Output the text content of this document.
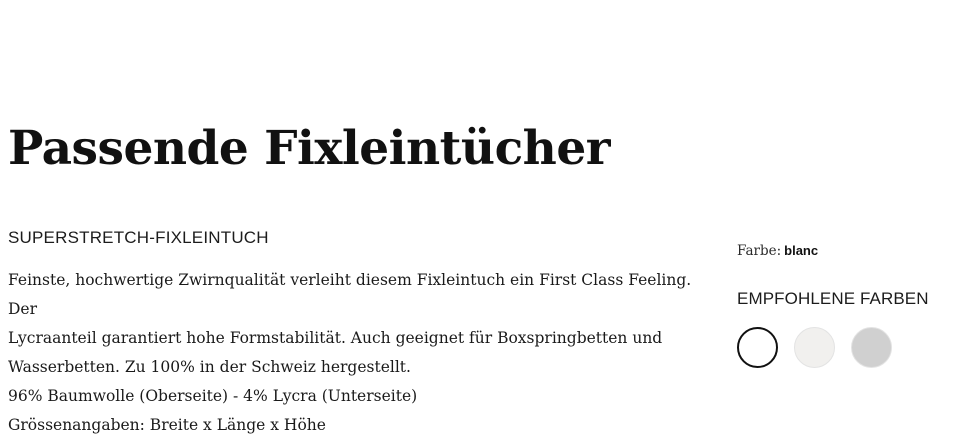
Passende Fixleintücher
SUPERSTRETCH-FIXLEINTUCH

Feinste, hochwertige Zwirnqualität verleiht diesem Fixleintuch ein First Class Feeling. Der

Lycraanteil garantiert hohe Formstabilität. Auch geeignet für Boxspringbetten und

Wasserbetten. Zu 100% in der Schweiz hergestellt.

96% Baumwolle (Oberseite) - 4% Lycra (Unterseite)

Grössenangaben: Breite x Länge x Höhe

Farbe: blanc
EMPFOHLENE FARBEN
